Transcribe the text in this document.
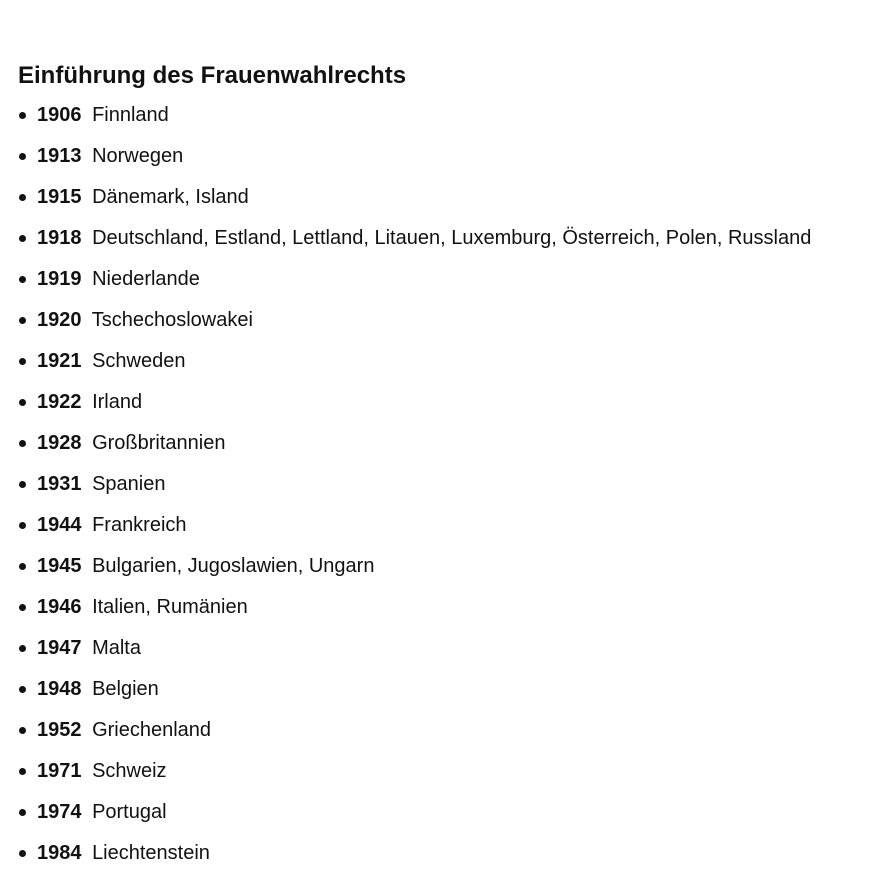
Einführung des Frauenwahlrechts
1906 Finnland
1913 Norwegen
1915 Dänemark, Island
1918 Deutschland, Estland, Lettland, Litauen, Luxemburg, Österreich, Polen, Russland
1919 Niederlande
1920 Tschechoslowakei
1921 Schweden
1922 Irland
1928 Großbritannien
1931 Spanien
1944 Frankreich
1945 Bulgarien, Jugoslawien, Ungarn
1946 Italien, Rumänien
1947 Malta
1948 Belgien
1952 Griechenland
1971 Schweiz
1974 Portugal
1984 Liechtenstein
